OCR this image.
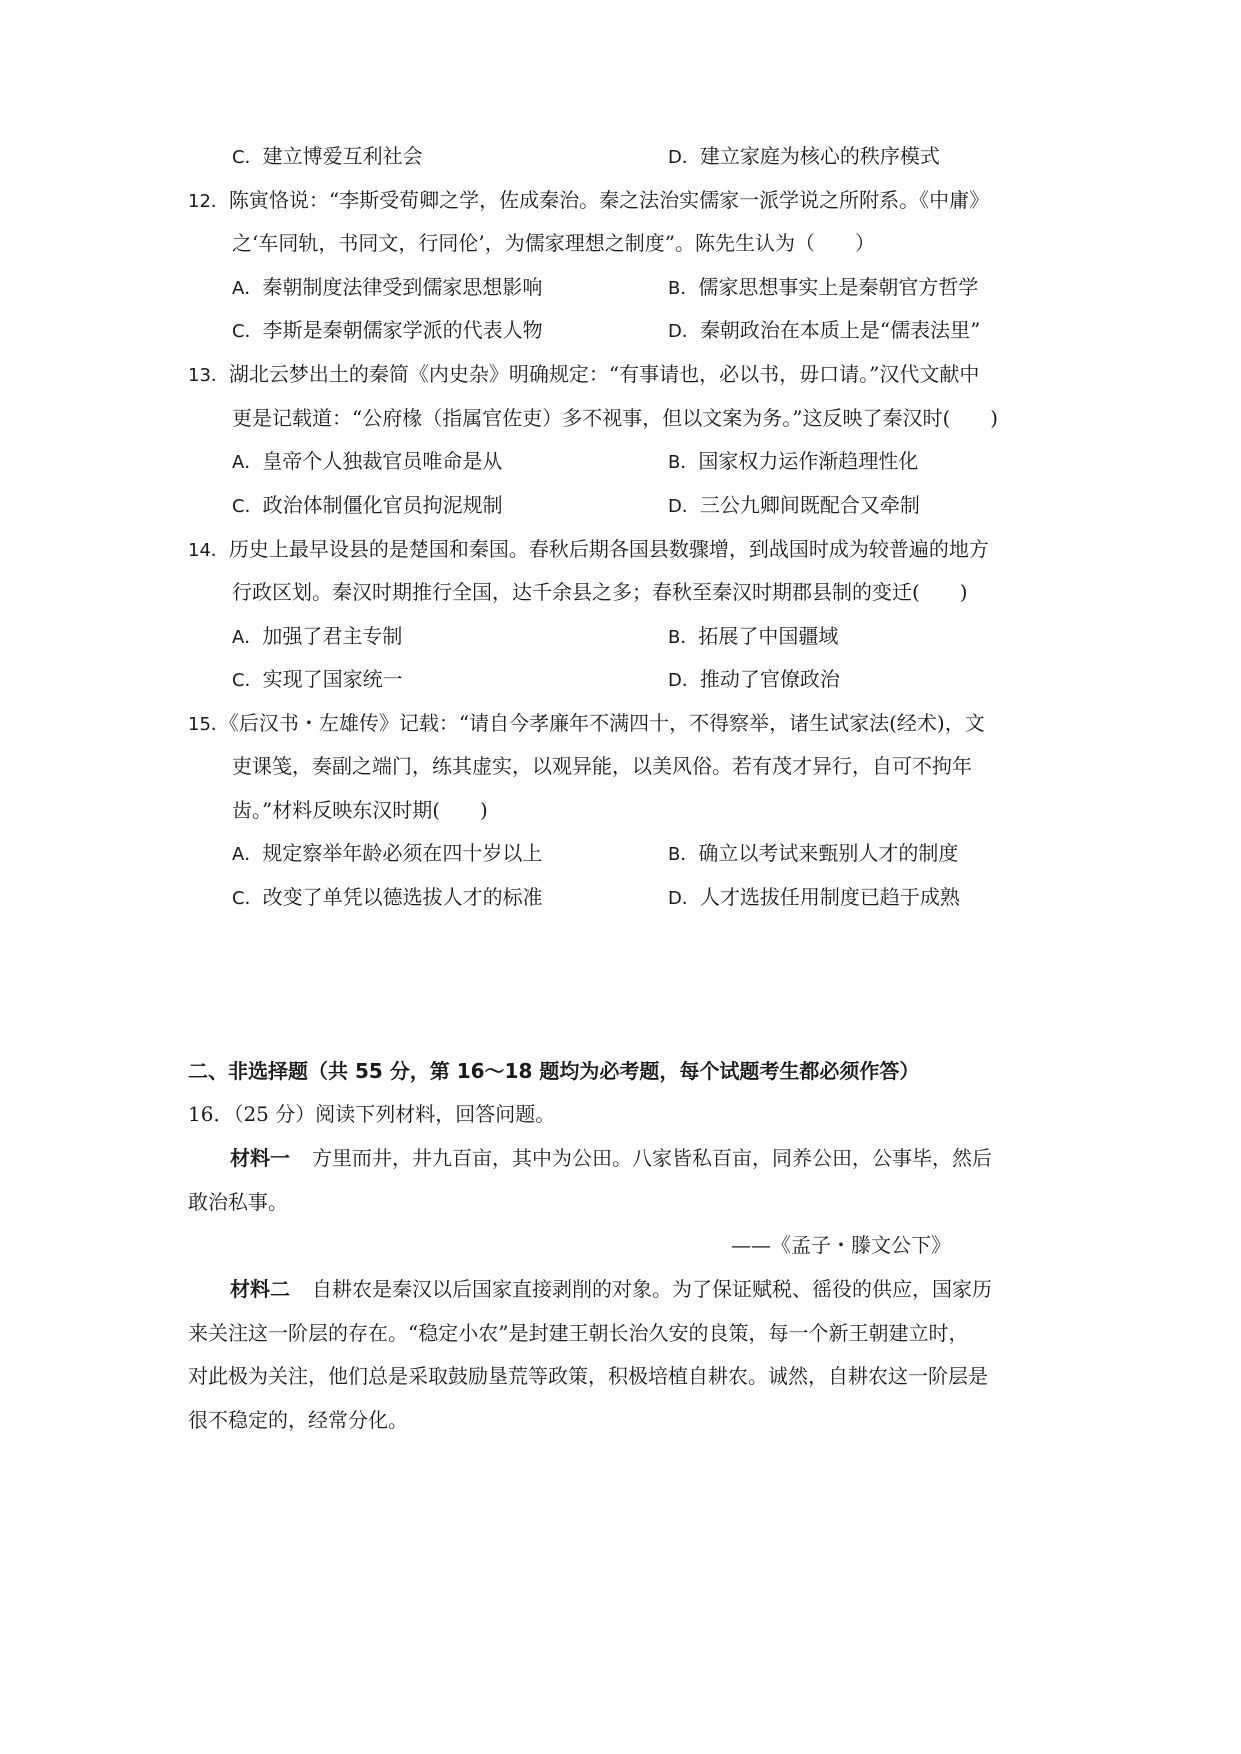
C．建立博爱互利社会	D．建立家庭为核心的秩序模式
12．陈寅恪说：“李斯受荀卿之学，佐成秦治。秦之法治实儒家一派学说之所附系。《中庸》
之‘车同轨，书同文，行同伦’，为儒家理想之制度”。陈先生认为（　　）
A．秦朝制度法律受到儒家思想影响	B．儒家思想事实上是秦朝官方哲学
C．李斯是秦朝儒家学派的代表人物	D．秦朝政治在本质上是“儒表法里”
13．湖北云梦出土的秦简《内史杂》明确规定：“有事请也，必以书，毋口请。”汉代文献中
更是记载道：“公府椽（指属官佐吏）多不视事，但以文案为务。”这反映了秦汉时(　　)
A．皇帝个人独裁官员唯命是从	B．国家权力运作渐趋理性化
C．政治体制僵化官员拘泥规制	D．三公九卿间既配合又牵制
14．历史上最早设县的是楚国和秦国。春秋后期各国县数骤增，到战国时成为较普遍的地方
行政区划。秦汉时期推行全国，达千余县之多；春秋至秦汉时期郡县制的变迁(　　)
A．加强了君主专制	B．拓展了中国疆域
C．实现了国家统一	D．推动了官僚政治
15．《后汉书・左雄传》记载：“请自今孝廉年不满四十，不得察举，诸生试家法(经术)，文
吏课笺，奏副之端门，练其虚实，以观异能，以美风俗。若有茂才异行，自可不拘年
齿。”材料反映东汉时期(　　)
A．规定察举年龄必须在四十岁以上	B．确立以考试来甄别人才的制度
C．改变了单凭以德选拔人才的标准	D．人才选拔任用制度已趋于成熟
二、非选择题（共 55 分，第 16～18 题均为必考题，每个试题考生都必须作答）
16．（25 分）阅读下列材料，回答问题。
材料一 方里而井，井九百亩，其中为公田。八家皆私百亩，同养公田，公事毕，然后
敢治私事。
——《孟子・滕文公下》
材料二 自耕农是秦汉以后国家直接剥削的对象。为了保证赋税、徭役的供应，国家历
来关注这一阶层的存在。“稳定小农”是封建王朝长治久安的良策，每一个新王朝建立时，
对此极为关注，他们总是采取鼓励垦荒等政策，积极培植自耕农。诚然，自耕农这一阶层是
很不稳定的，经常分化。
